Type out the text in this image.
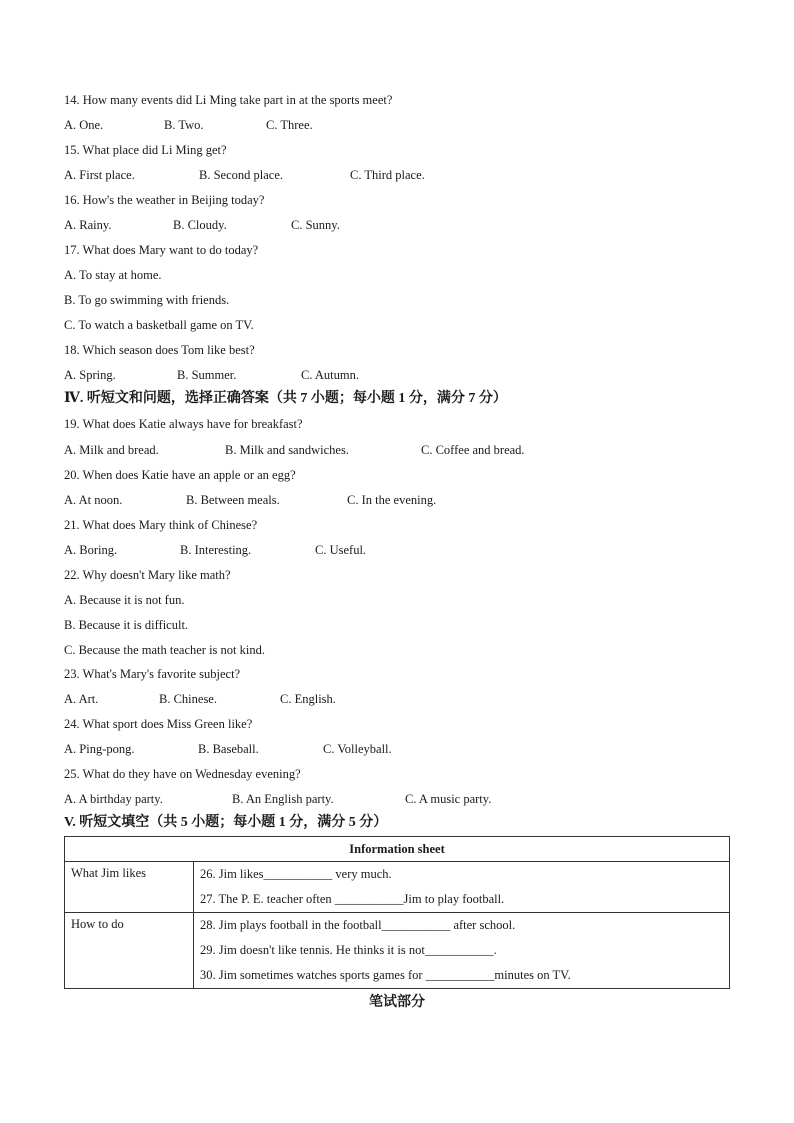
14. How many events did Li Ming take part in at the sports meet?
A. One.	B. Two.	C. Three.
15. What place did Li Ming get?
A. First place.	B. Second place.	C. Third place.
16. How's the weather in Beijing today?
A. Rainy.	B. Cloudy.	C. Sunny.
17. What does Mary want to do today?
A. To stay at home.
B. To go swimming with friends.
C. To watch a basketball game on TV.
18. Which season does Tom like best?
A. Spring.	B. Summer.	C. Autumn.
Ⅳ. 听短文和问题，选择正确答案（共 7 小题；每小题 1 分，满分 7 分）
19. What does Katie always have for breakfast?
A. Milk and bread.	B. Milk and sandwiches.	C. Coffee and bread.
20. When does Katie have an apple or an egg?
A. At noon.	B. Between meals.	C. In the evening.
21. What does Mary think of Chinese?
A. Boring.	B. Interesting.	C. Useful.
22. Why doesn't Mary like math?
A. Because it is not fun.
B. Because it is difficult.
C. Because the math teacher is not kind.
23. What's Mary's favorite subject?
A. Art.	B. Chinese.	C. English.
24. What sport does Miss Green like?
A. Ping-pong.	B. Baseball.	C. Volleyball.
25. What do they have on Wednesday evening?
A. A birthday party.	B. An English party.	C. A music party.
V. 听短文填空（共 5 小题；每小题 1 分，满分 5 分）
Information sheet	
What Jim likes	26. Jim likes___________ very much.
27. The P. E. teacher often ___________Jim to play football.

How to do	28. Jim plays football in the football___________ after school.
29. Jim doesn't like tennis. He thinks it is not___________.
30. Jim sometimes watches sports games for ___________minutes on TV.
笔试部分
